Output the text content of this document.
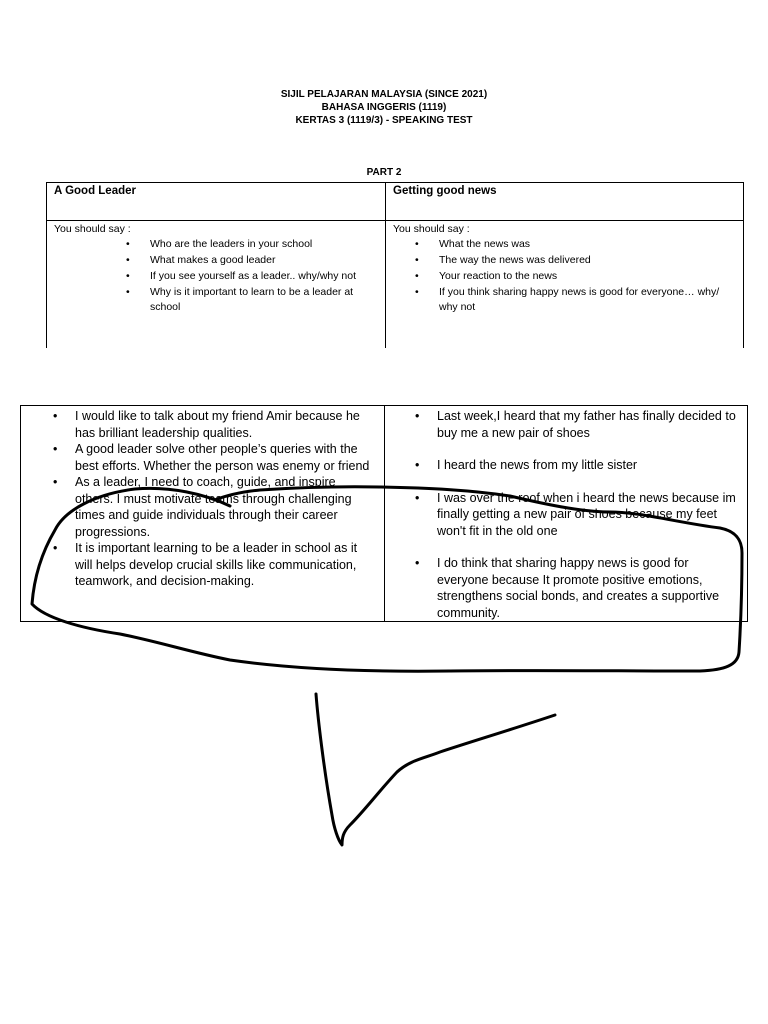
SIJIL PELAJARAN MALAYSIA (SINCE 2021)
BAHASA INGGERIS (1119)
KERTAS 3 (1119/3) - SPEAKING TEST
PART 2
A Good Leader	Getting good news

You should say :

• Who are the leaders in your school
• What makes a good leader
• If you see yourself as a leader.. why/why not
• Why is it important to learn to be a leader at school

You should say :

• What the news was
• The way the news was delivered
• Your reaction to the news
• If you think sharing happy news is good for everyone… why/ why not
• I would like to talk about my friend Amir because he has brilliant leadership qualities.
• A good leader solve other people’s queries with the best efforts. Whether the person was enemy or friend
• As a leader, I need to coach, guide, and inspire others. I must motivate teams through challenging times and guide individuals through their career progressions.
• It is important learning to be a leader in school as it will helps develop crucial skills like communication, teamwork, and decision-making.
• Last week,I heard that my father has finally decided to buy me a new pair of shoes
• I heard the news from my little sister
• I was over the roof when i heard the news because im finally getting a new pair of shoes because my feet won't fit in the old one
• I do think that sharing happy news is good for everyone because It promote positive emotions, strengthens social bonds, and creates a supportive community.
